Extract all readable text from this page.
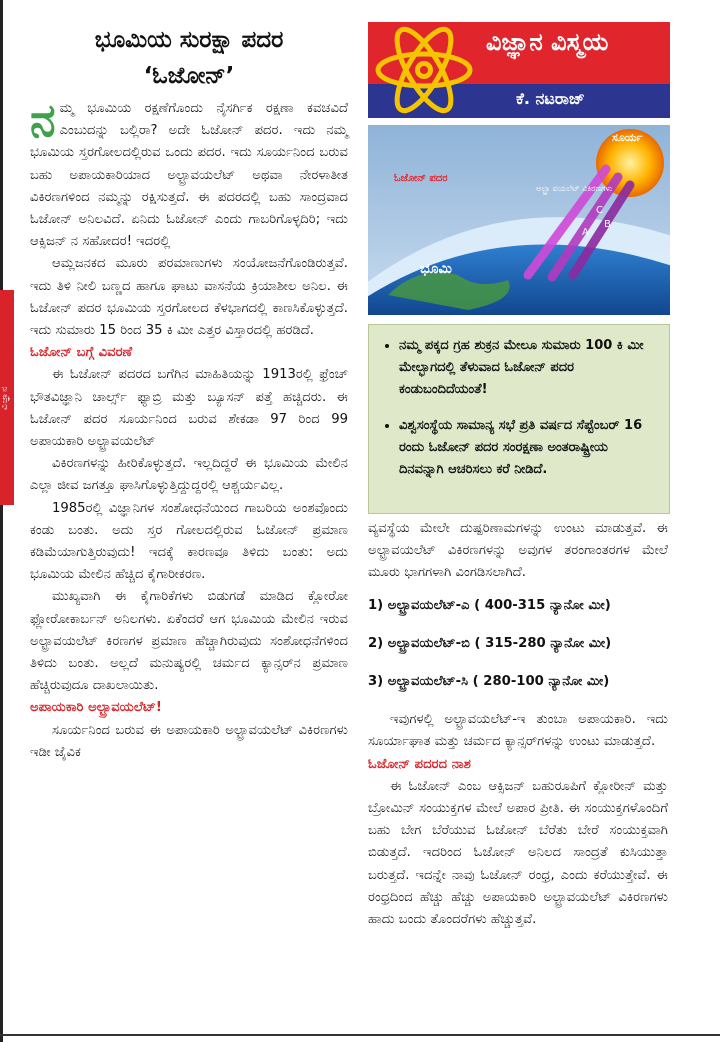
ವಿಜ್ಞಾನ
ಭೂಮಿಯ ಸುರಕ್ಷಾ ಪದರ
‘ಓಜೋನ್’

ನಮ್ಮ ಭೂಮಿಯ ರಕ್ಷಣೆಗೊಂದು ನೈಸರ್ಗಿಕ ರಕ್ಷಣಾ ಕವಚವಿದೆ ಎಂಬುದನ್ನು ಬಲ್ಲಿರಾ? ಅದೇ ಓಜೋನ್ ಪದರ. ಇದು ನಮ್ಮ ಭೂಮಿಯ ಸ್ತರಗೋಲದಲ್ಲಿರುವ ಒಂದು ಪದರ. ಇದು ಸೂರ್ಯನಿಂದ ಬರುವ ಬಹು ಅಪಾಯಕಾರಿಯಾದ ಅಲ್ಟ್ರಾವಯಲೆಟ್ ಅಥವಾ ನೇರಳಾತೀತ ವಿಕಿರಣಗಳಿಂದ ನಮ್ಮನ್ನು ರಕ್ಷಿಸುತ್ತದೆ. ಈ ಪದರದಲ್ಲಿ ಬಹು ಸಾಂದ್ರವಾದ ಓಜೋನ್ ಅನಿಲವಿದೆ. ಏನಿದು ಓಜೋನ್ ಎಂದು ಗಾಬರಿಗೊಳ್ಳದಿರಿ; ಇದು ಆಕ್ಸಿಜನ್ ನ ಸಹೋದರ! ಇದರಲ್ಲಿ

ಆಮ್ಲಜನಕದ ಮೂರು ಪರಮಾಣುಗಳು ಸಂಯೋಜನೆಗೊಂಡಿರುತ್ತವೆ. ಇದು ತಿಳಿ ನೀಲಿ ಬಣ್ಣದ ಹಾಗೂ ಘಾಟು ವಾಸನೆಯ ಕ್ರಿಯಾಶೀಲ ಅನಿಲ. ಈ ಓಜೋನ್ ಪದರ ಭೂಮಿಯ ಸ್ತರಗೋಲದ ಕೆಳಭಾಗದಲ್ಲಿ ಕಾಣಸಿಕೊಳ್ಳುತ್ತದೆ. ಇದು ಸುಮಾರು 15 ರಿಂದ 35 ಕಿ ಮೀ ಎತ್ತರ ವಿಸ್ತಾರದಲ್ಲಿ ಹರಡಿದೆ.

ಓಜೋನ್ ಬಗ್ಗೆ ವಿವರಣೆ

ಈ ಓಜೋನ್ ಪದರದ ಬಗೆಗಿನ ಮಾಹಿತಿಯನ್ನು 1913ರಲ್ಲಿ ಫ್ರೆಂಚ್ ಭೌತವಿಜ್ಞಾನಿ ಚಾರ್ಲ್ಸ್ ಫ್ಯಾಬ್ರಿ ಮತ್ತು ಬ್ಯೂಸನ್ ಪತ್ತೆ ಹಚ್ಚಿದರು. ಈ ಓಜೋನ್ ಪದರ ಸೂರ್ಯನಿಂದ ಬರುವ ಶೇಕಡಾ 97 ರಿಂದ 99 ಅಪಾಯಕಾರಿ ಅಲ್ಟ್ರಾವಯಲೆಟ್

ವಿಕಿರಣಗಳನ್ನು ಹೀರಿಕೊಳ್ಳುತ್ತದೆ. ಇಲ್ಲದಿದ್ದರೆ ಈ ಭೂಮಿಯ ಮೇಲಿನ ಎಲ್ಲಾ ಜೀವ ಜಗತ್ತೂ ಘಾಸಿಗೊಳ್ಳುತ್ತಿದ್ದುದ್ದರಲ್ಲಿ ಆಶ್ಚರ್ಯವಿಲ್ಲ.

1985ರಲ್ಲಿ ವಿಜ್ಞಾನಿಗಳ ಸಂಶೋಧನೆಯಿಂದ ಗಾಬರಿಯ ಅಂಶವೊಂದು ಕಂಡು ಬಂತು. ಅದು ಸ್ತರ ಗೋಲದಲ್ಲಿರುವ ಓಜೋನ್ ಪ್ರಮಾಣ ಕಡಿಮೆಯಾಗುತ್ತಿರುವುದು! ಇದಕ್ಕೆ ಕಾರಣವೂ ತಿಳಿದು ಬಂತು: ಅದು ಭೂಮಿಯ ಮೇಲಿನ ಹೆಚ್ಚಿದ ಕೈಗಾರೀಕರಣ.

ಮುಖ್ಯವಾಗಿ ಈ ಕೈಗಾರಿಕೆಗಳು ಬಿಡುಗಡೆ ಮಾಡಿದ ಕ್ಲೋರೋ ಫ್ಲೋರೋಕಾರ್ಬನ್ ಅನಿಲಗಳು. ಏಕೆಂದರೆ ಆಗ ಭೂಮಿಯ ಮೇಲಿನ ಇರುವ ಅಲ್ಟ್ರಾವಯಲೆಟ್ ಕಿರಣಗಳ ಪ್ರಮಾಣ ಹೆಚ್ಚಾಗಿರುವುದು ಸಂಶೋಧನೆಗಳಿಂದ ತಿಳಿದು ಬಂತು. ಅಲ್ಲದೆ ಮನುಷ್ಯರಲ್ಲಿ ಚರ್ಮದ ಕ್ಯಾನ್ಸರ್‌ನ ಪ್ರಮಾಣ ಹೆಚ್ಚಿರುವುದೂ ದಾಖಲಾಯಿತು.

ಅಪಾಯಕಾರಿ ಅಲ್ಟ್ರಾವಯಲೆಟ್!

ಸೂರ್ಯನಿಂದ ಬರುವ ಈ ಅಪಾಯಕಾರಿ ಅಲ್ಟ್ರಾವಯಲೆಟ್ ವಿಕಿರಣಗಳು ಇಡೀ ಜೈವಿಕ

ವಿಜ್ಞಾನ ವಿಸ್ಮಯ
ಕೆ. ನಟರಾಜ್
C
B
A
ಸೂರ್ಯ
ಓಜೋನ್ ಪದರ
ಅಲ್ಟ್ರಾ ವಯಲೆಟ್ ವಿಕಿರಣಗಳು
ಭೂಮಿ
• ನಮ್ಮ ಪಕ್ಕದ ಗ್ರಹ ಶುಕ್ರನ ಮೇಲೂ ಸುಮಾರು 100 ಕಿ ಮೀ ಮೇಲ್ಭಾಗದಲ್ಲಿ ತೆಳುವಾದ ಓಜೋನ್ ಪದರ ಕಂಡುಬಂದಿದೆಯಂತೆ!
• ವಿಶ್ವಸಂಸ್ಥೆಯ ಸಾಮಾನ್ಯ ಸಭೆ ಪ್ರತಿ ವರ್ಷದ ಸೆಪ್ಟೆಂಬರ್ 16 ರಂದು ಓಜೋನ್ ಪದರ ಸಂರಕ್ಷಣಾ ಅಂತರಾಷ್ಟ್ರೀಯ ದಿನವನ್ನಾಗಿ ಆಚರಿಸಲು ಕರೆ ನೀಡಿದೆ.

ವ್ಯವಸ್ಥೆಯ ಮೇಲೇ ದುಷ್ಪರಿಣಾಮಗಳನ್ನು ಉಂಟು ಮಾಡುತ್ತವೆ. ಈ ಅಲ್ಟ್ರಾವಯಲೆಟ್ ವಿಕಿರಣಗಳನ್ನು ಅವುಗಳ ತರಂಗಾಂತರಗಳ ಮೇಲೆ ಮೂರು ಭಾಗಗಳಾಗಿ ವಿಂಗಡಿಸಲಾಗಿದೆ.

1) ಅಲ್ಟ್ರಾವಯಲೆಟ್-ಎ ( 400-315 ನ್ಯಾನೋ ಮೀ)

2) ಅಲ್ಟ್ರಾವಯಲೆಟ್-ಬಿ ( 315-280 ನ್ಯಾನೋ ಮೀ)

3) ಅಲ್ಟ್ರಾವಯಲೆಟ್-ಸಿ ( 280-100 ನ್ಯಾನೋ ಮೀ)

ಇವುಗಳಲ್ಲಿ ಅಲ್ಟ್ರಾವಯಲೆಟ್-ಇ ತುಂಬಾ ಅಪಾಯಕಾರಿ. ಇದು ಸೂರ್ಯಾಘಾತ ಮತ್ತು ಚರ್ಮದ ಕ್ಯಾನ್ಸರ್‌ಗಳನ್ನು ಉಂಟು ಮಾಡುತ್ತದೆ.

ಓಜೋನ್ ಪದರದ ನಾಶ

ಈ ಓಜೋನ್ ಎಂಬ ಆಕ್ಸಿಜನ್ ಬಹುರೂಪಿಗೆ ಕ್ಲೋರೀನ್ ಮತ್ತು ಬ್ರೋಮಿನ್ ಸಂಯುಕ್ತಗಳ ಮೇಲೆ ಅಪಾರ ಪ್ರೀತಿ. ಈ ಸಂಯುಕ್ತಗಳೊಂದಿಗೆ ಬಹು ಬೇಗ ಬೆರೆಯುವ ಓಜೋನ್ ಬೆರೆತು ಬೇರೆ ಸಂಯುಕ್ತವಾಗಿ ಬಿಡುತ್ತದೆ. ಇದರಿಂದ ಓಜೋನ್ ಅನಿಲದ ಸಾಂದ್ರತೆ ಕುಸಿಯುತ್ತಾ ಬರುತ್ತದೆ. ಇದನ್ನೇ ನಾವು ಓಜೋನ್ ರಂಧ್ರ, ಎಂದು ಕರೆಯುತ್ತೇವೆ. ಈ ರಂಧ್ರದಿಂದ ಹೆಚ್ಚು ಹೆಚ್ಚು ಅಪಾಯಕಾರಿ ಅಲ್ಟ್ರಾವಯಲೆಟ್ ವಿಕಿರಣಗಳು ಹಾದು ಬಂದು ತೊಂದರೆಗಳು ಹೆಚ್ಚುತ್ತವೆ.
